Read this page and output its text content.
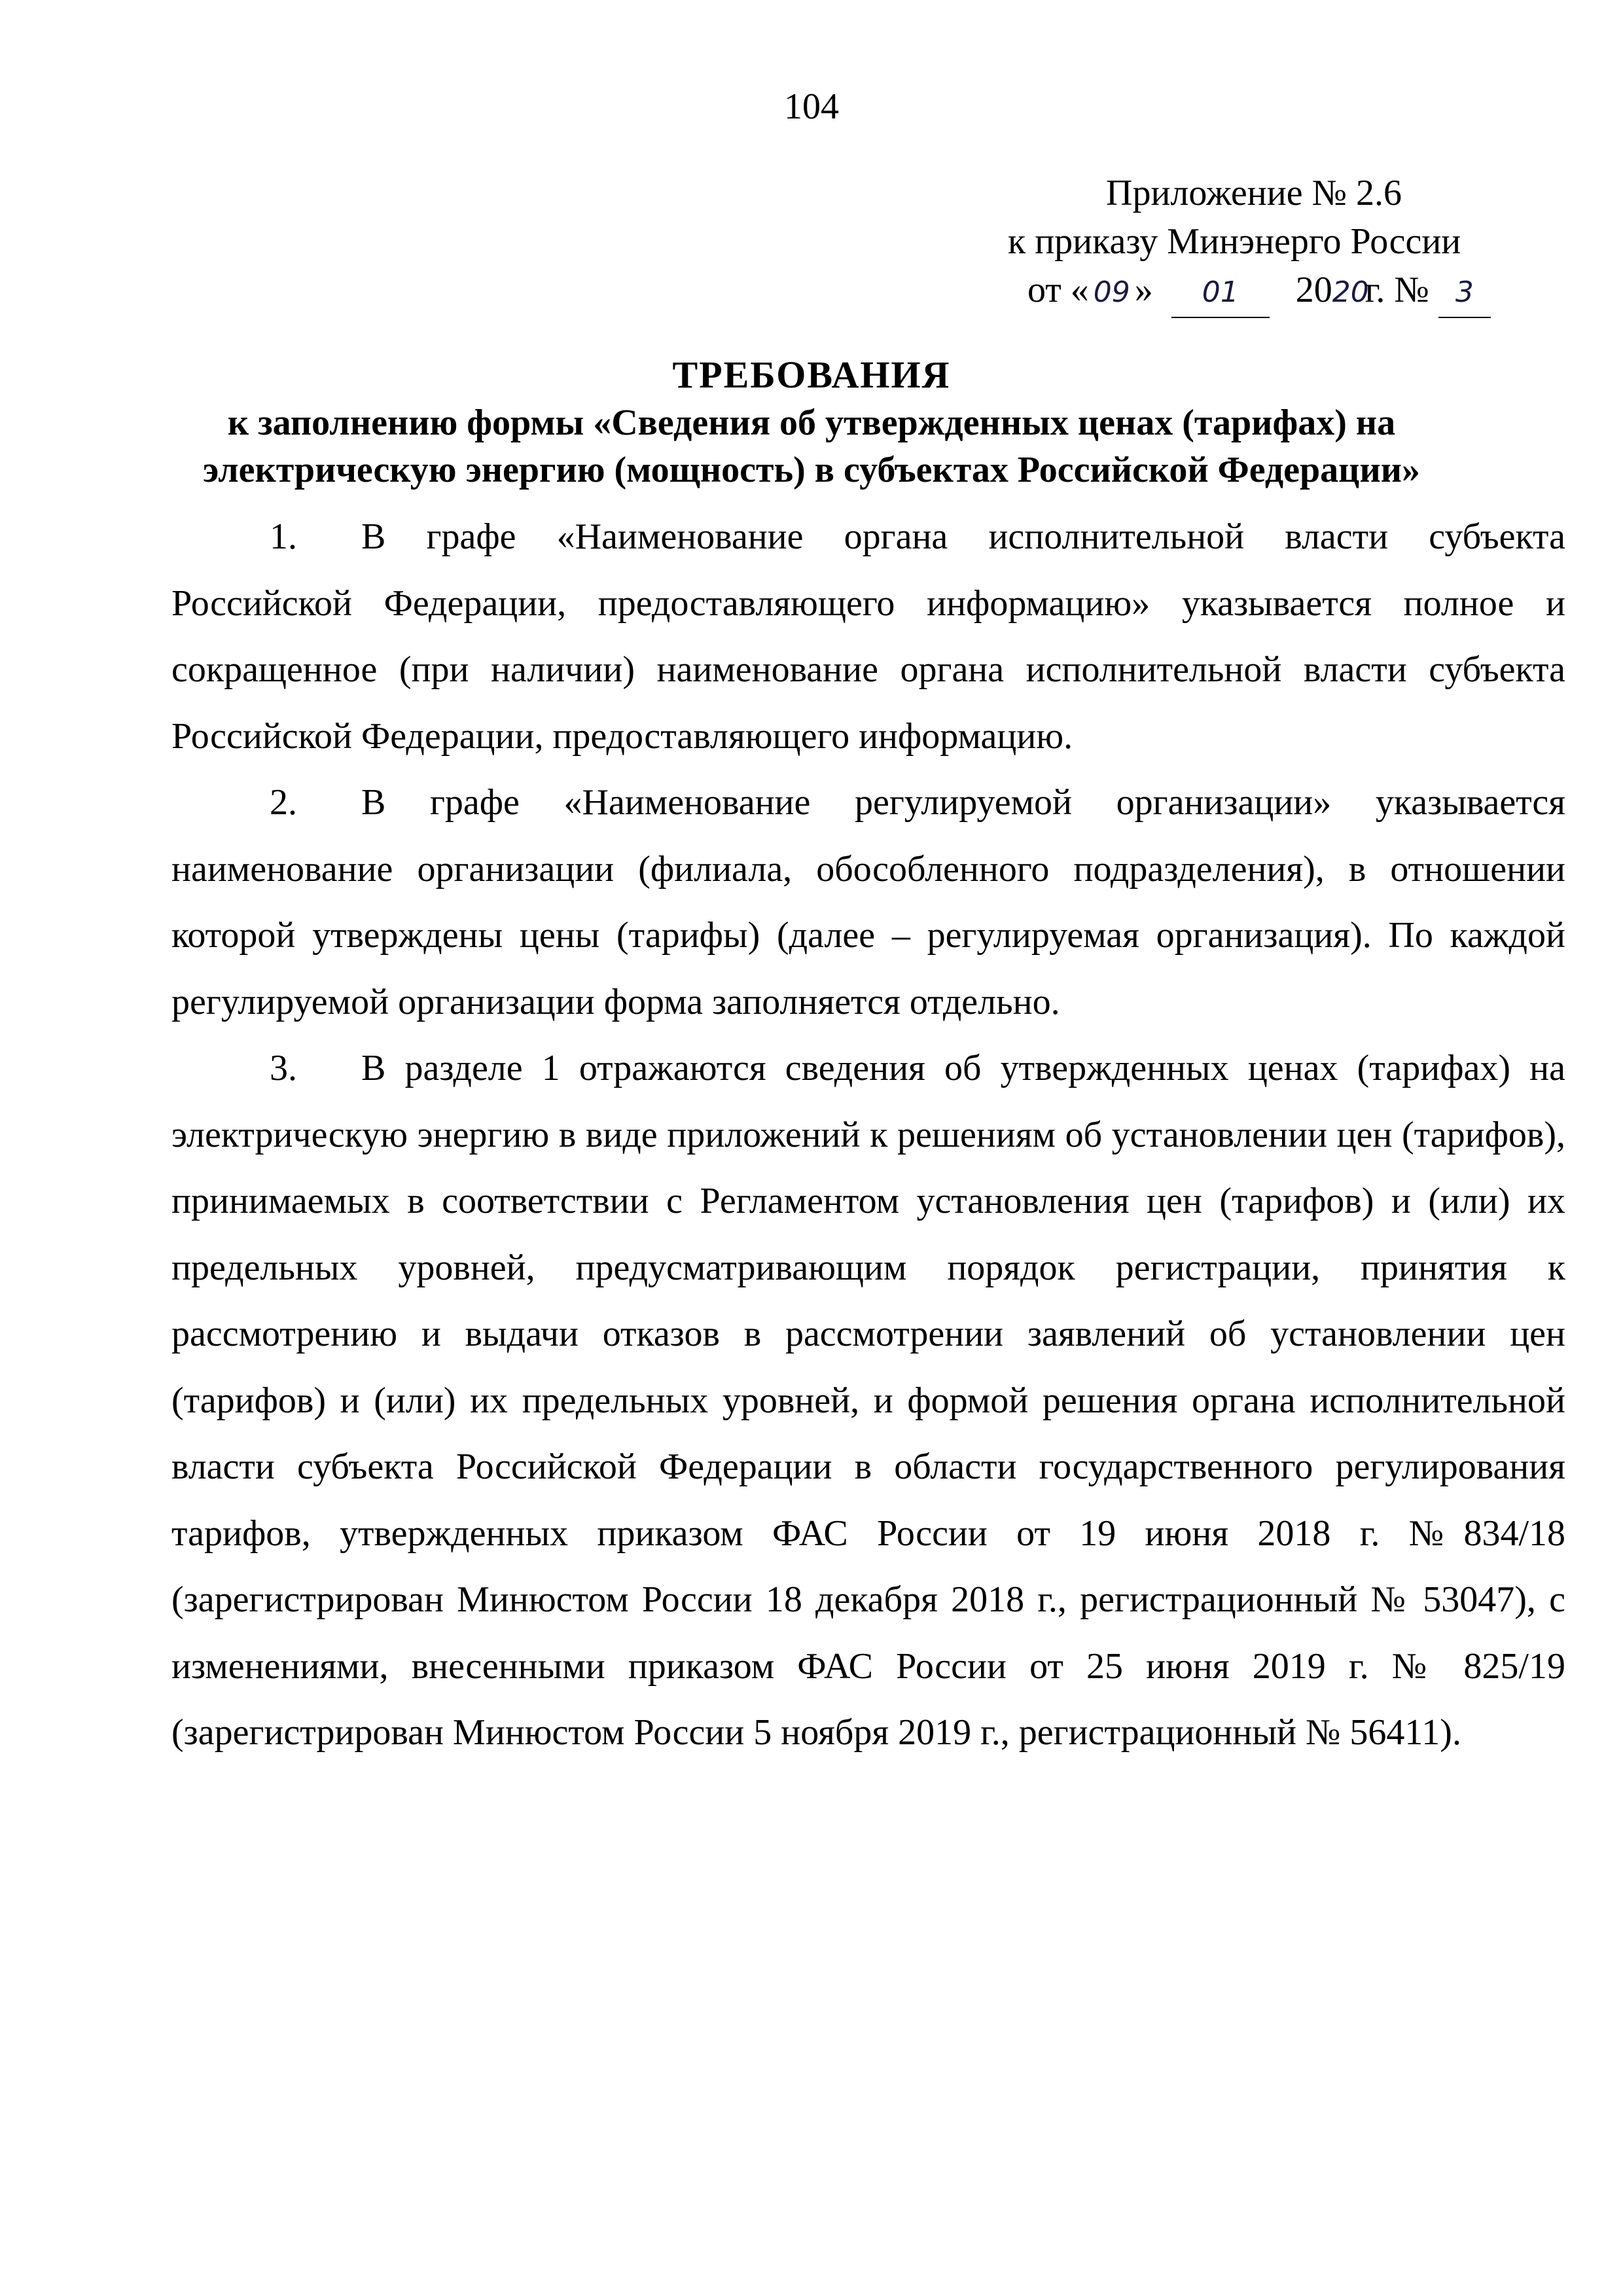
104
Приложение № 2.6
к приказу Минэнерго России
от « 09 » 01 2020г. № 3
ТРЕБОВАНИЯ
к заполнению формы «Сведения об утвержденных ценах (тарифах) на
электрическую энергию (мощность) в субъектах Российской Федерации»

1. В графе «Наименование органа исполнительной власти субъекта Российской Федерации, предоставляющего информацию» указывается полное и сокращенное (при наличии) наименование органа исполнительной власти субъекта Российской Федерации, предоставляющего информацию.

2. В графе «Наименование регулируемой организации» указывается наименование организации (филиала, обособленного подразделения), в отношении которой утверждены цены (тарифы) (далее – регулируемая организация). По каждой регулируемой организации форма заполняется отдельно.

3. В разделе 1 отражаются сведения об утвержденных ценах (тарифах) на электрическую энергию в виде приложений к решениям об установлении цен (тарифов), принимаемых в соответствии с Регламентом установления цен (тарифов) и (или) их предельных уровней, предусматривающим порядок регистрации, принятия к рассмотрению и выдачи отказов в рассмотрении заявлений об установлении цен (тарифов) и (или) их предельных уровней, и формой решения органа исполнительной власти субъекта Российской Федерации в области государственного регулирования тарифов, утвержденных приказом ФАС России от 19 июня 2018 г. №834/18 (зарегистрирован Минюстом России 18 декабря 2018 г., регистрационный № 53047), с изменениями, внесенными приказом ФАС России от 25 июня 2019 г. № 825/19 (зарегистрирован Минюстом России 5 ноября 2019 г., регистрационный № 56411).
